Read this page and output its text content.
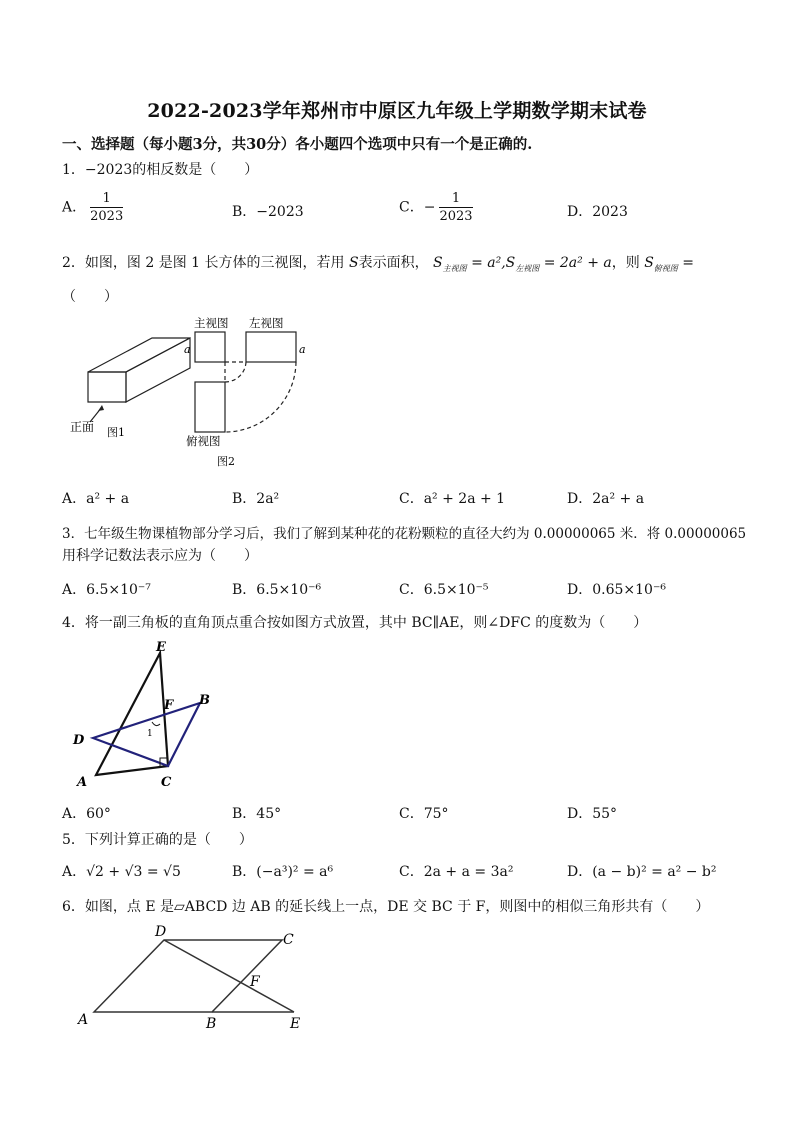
2022-2023学年郑州市中原区九年级上学期数学期末试卷
一、选择题（每小题3分，共30分）各小题四个选项中只有一个是正确的.
1．−2023的相反数是（　　）
A． $\frac{1}{2023}$	B．−2023	C．− $\frac{1}{2023}$	D．2023
2．如图，图 2 是图 1 长方体的三视图，若用 S表示面积， $S_{主视图} = a^2,S_{左视图} = 2a^2 + a$，则 $S_{俯视图}$ =
（　　）
正面 图1
主视图 左视图
俯视图
图2
a	a
A．a² + a	B．2a²	C．a² + 2a + 1	D．2a² + a
3．七年级生物课植物部分学习后，我们了解到某种花的花粉颗粒的直径大约为 0.00000065 米．将 0.00000065
用科学记数法表示应为（　　）
A．6.5×10⁻⁷	B．6.5×10⁻⁶	C．6.5×10⁻⁵	D．0.65×10⁻⁶
4．将一副三角板的直角顶点重合按如图方式放置，其中 BC∥AE，则∠DFC 的度数为（　　）
E
F B
D
A	C
1
A．60°	B．45°	C．75°	D．55°
5．下列计算正确的是（　　）
A．√2 + √3 = √5	B．(−a³)² = a⁶	C．2a + a = 3a²	D．(a − b)² = a² − b²
6．如图，点 E 是▱ABCD 边 AB 的延长线上一点，DE 交 BC 于 F，则图中的相似三角形共有（　　）
D	C
F
A	B	E
